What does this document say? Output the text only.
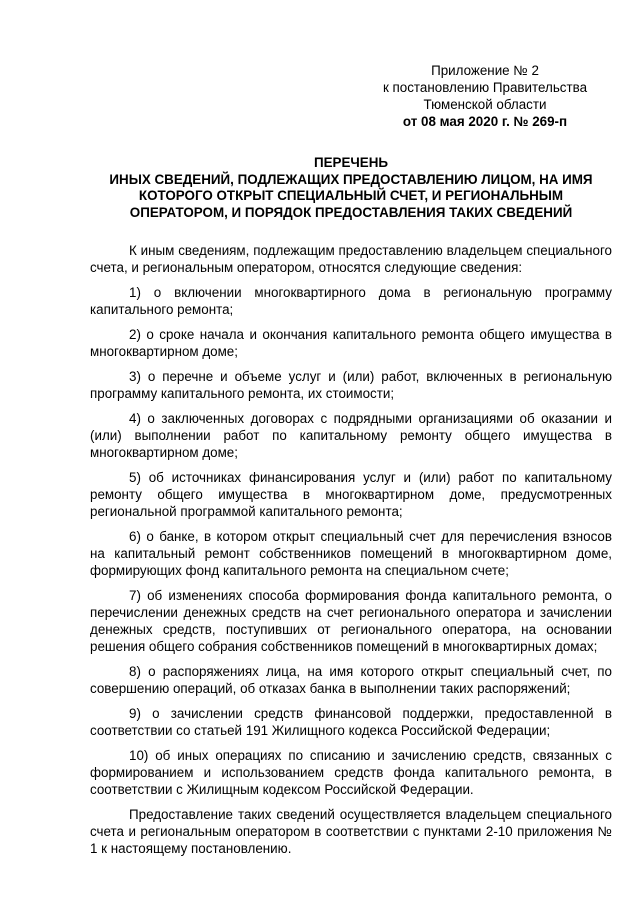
Приложение № 2
к постановлению Правительства
Тюменской области
от 08 мая 2020 г. № 269-п
ПЕРЕЧЕНЬ
ИНЫХ СВЕДЕНИЙ, ПОДЛЕЖАЩИХ ПРЕДОСТАВЛЕНИЮ ЛИЦОМ, НА ИМЯ
КОТОРОГО ОТКРЫТ СПЕЦИАЛЬНЫЙ СЧЕТ, И РЕГИОНАЛЬНЫМ
ОПЕРАТОРОМ, И ПОРЯДОК ПРЕДОСТАВЛЕНИЯ ТАКИХ СВЕДЕНИЙ

К иным сведениям, подлежащим предоставлению владельцем специального счета, и региональным оператором, относятся следующие сведения:

1) о включении многоквартирного дома в региональную программу капитального ремонта;

2) о сроке начала и окончания капитального ремонта общего имущества в многоквартирном доме;

3) о перечне и объеме услуг и (или) работ, включенных в региональную программу капитального ремонта, их стоимости;

4) о заключенных договорах с подрядными организациями об оказании и (или) выполнении работ по капитальному ремонту общего имущества в многоквартирном доме;

5) об источниках финансирования услуг и (или) работ по капитальному ремонту общего имущества в многоквартирном доме, предусмотренных региональной программой капитального ремонта;

6) о банке, в котором открыт специальный счет для перечисления взносов на капитальный ремонт собственников помещений в многоквартирном доме, формирующих фонд капитального ремонта на специальном счете;

7) об изменениях способа формирования фонда капитального ремонта, о перечислении денежных средств на счет регионального оператора и зачислении денежных средств, поступивших от регионального оператора, на основании решения общего собрания собственников помещений в многоквартирных домах;

8) о распоряжениях лица, на имя которого открыт специальный счет, по совершению операций, об отказах банка в выполнении таких распоряжений;

9) о зачислении средств финансовой поддержки, предоставленной в соответствии со статьей 191 Жилищного кодекса Российской Федерации;

10) об иных операциях по списанию и зачислению средств, связанных с формированием и использованием средств фонда капитального ремонта, в соответствии с Жилищным кодексом Российской Федерации.

Предоставление таких сведений осуществляется владельцем специального счета и региональным оператором в соответствии с пунктами 2-10 приложения № 1 к настоящему постановлению.
